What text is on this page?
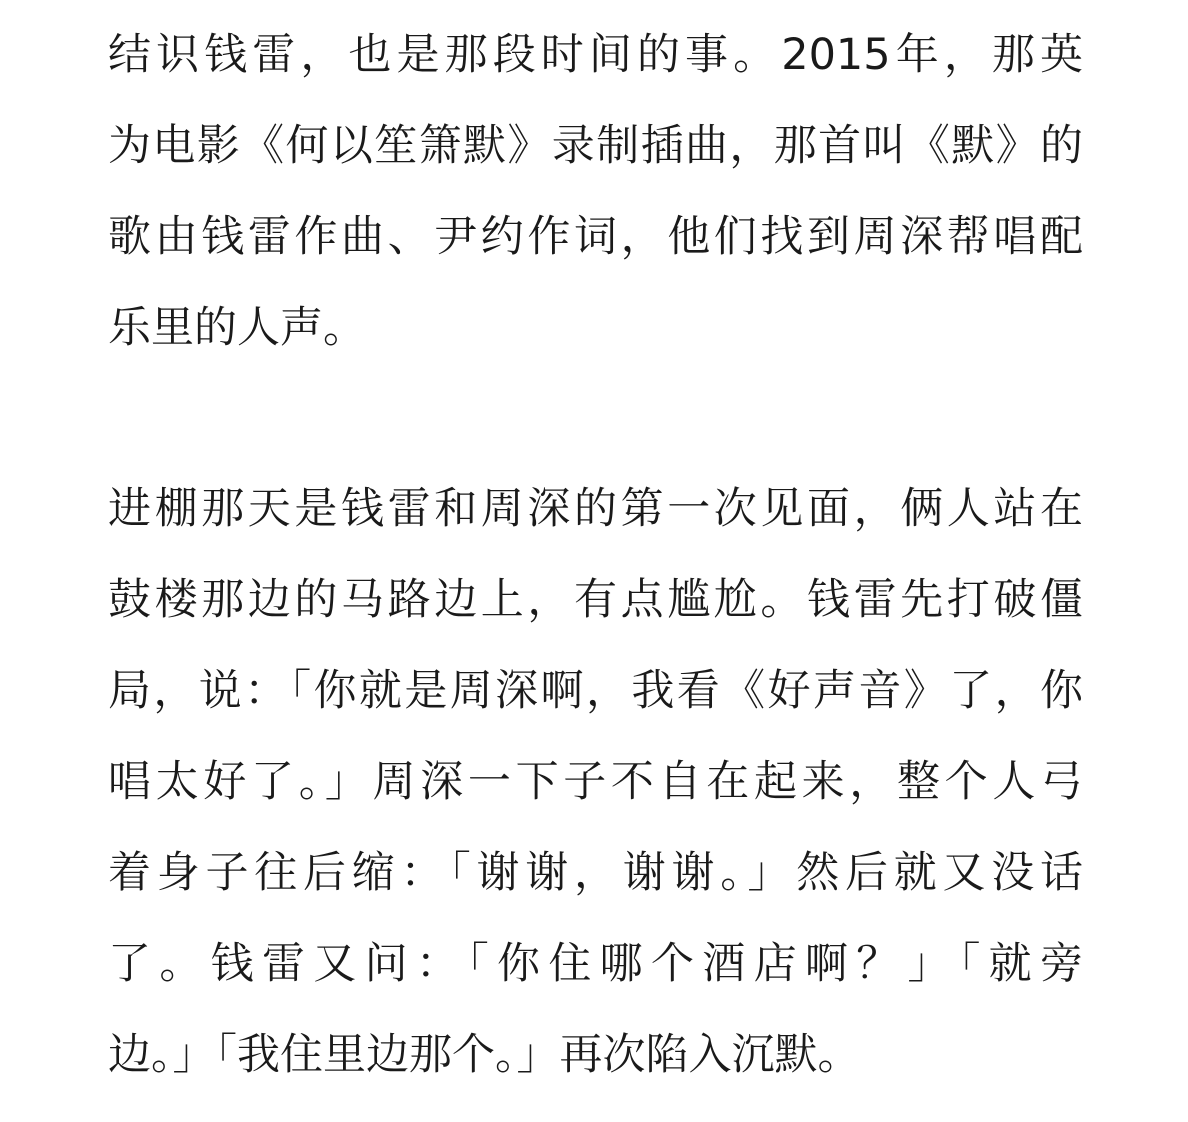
结识钱雷，也是那段时间的事。2015年，那英
为电影《何以笙箫默》录制插曲，那首叫《默》的
歌由钱雷作曲、尹约作词，他们找到周深帮唱配
乐里的人声。
进棚那天是钱雷和周深的第一次见面，俩人站在
鼓楼那边的马路边上，有点尴尬。钱雷先打破僵
局，说：「你就是周深啊，我看《好声音》了，你
唱太好了。」周深一下子不自在起来，整个人弓
着身子往后缩：「谢谢，谢谢。」然后就又没话
了。钱雷又问：「你住哪个酒店啊？」「就旁
边。」「我住里边那个。」再次陷入沉默。
